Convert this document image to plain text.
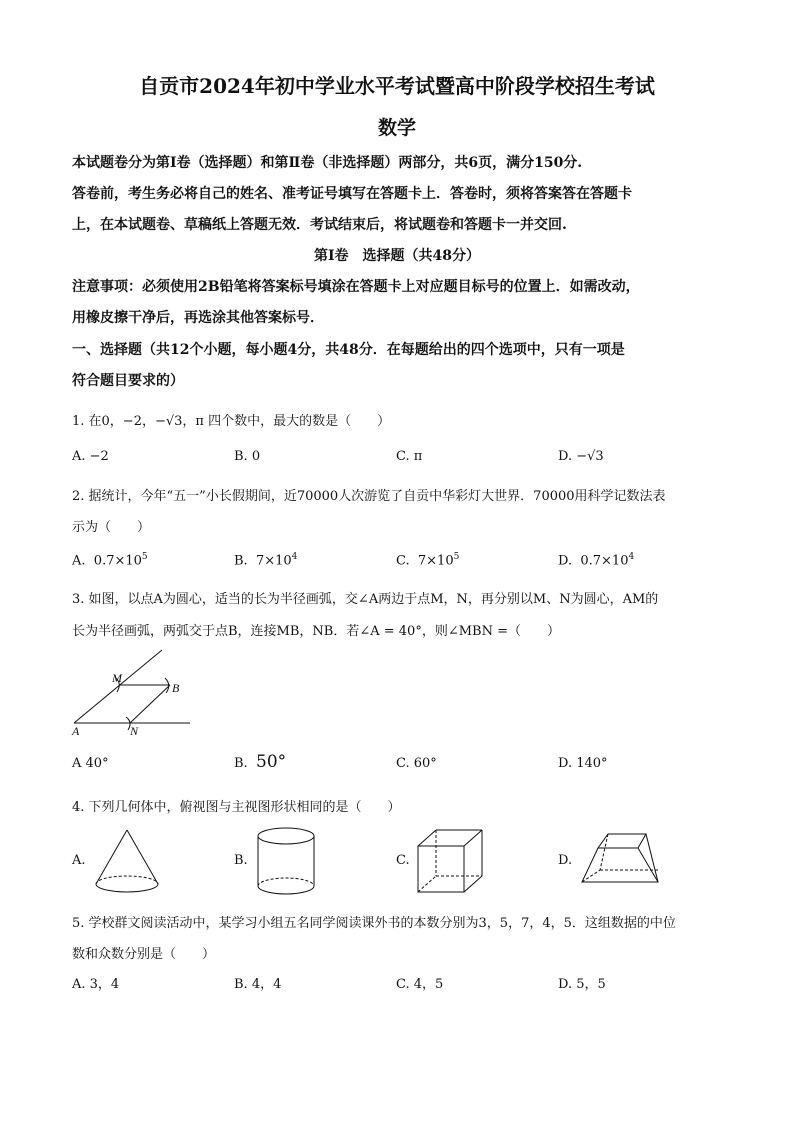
自贡市2024年初中学业水平考试暨高中阶段学校招生考试
数学
本试题卷分为第Ⅰ卷（选择题）和第Ⅱ卷（非选择题）两部分，共6页，满分150分.
答卷前，考生务必将自己的姓名、准考证号填写在答题卡上．答卷时，须将答案答在答题卡
上，在本试题卷、草稿纸上答题无效．考试结束后，将试题卷和答题卡一并交回.
第Ⅰ卷　选择题（共48分）
注意事项：必须使用2B铅笔将答案标号填涂在答题卡上对应题目标号的位置上．如需改动，
用橡皮擦干净后，再选涂其他答案标号．
一、选择题（共12个小题，每小题4分，共48分．在每题给出的四个选项中，只有一项是
符合题目要求的）
1. 在0，−2，−√3，π 四个数中，最大的数是（　　）
A. −2	B. 0	C. π	D. −√3
2. 据统计，今年“五一”小长假期间，近70000人次游览了自贡中华彩灯大世界．70000用科学记数法表
示为（　　）
A. $0.7\times 10^5$	B. $7\times 10^4$	C. $7\times 10^5$	D. $0.7\times 10^4$
3. 如图，以点A为圆心，适当的长为半径画弧，交∠A两边于点M，N，再分别以M、N为圆心，AM的
长为半径画弧，两弧交于点B，连接MB，NB．若∠A = 40°，则∠MBN =（　　）
M
B
A	N
A 40°	B. 50°	C. 60°	D. 140°
4. 下列几何体中，俯视图与主视图形状相同的是（　　）
A.	B.	C.	D.
5. 学校群文阅读活动中，某学习小组五名同学阅读课外书的本数分别为3，5，7，4，5．这组数据的中位
数和众数分别是（　　）
A. 3，4	B. 4，4	C. 4，5	D. 5，5
